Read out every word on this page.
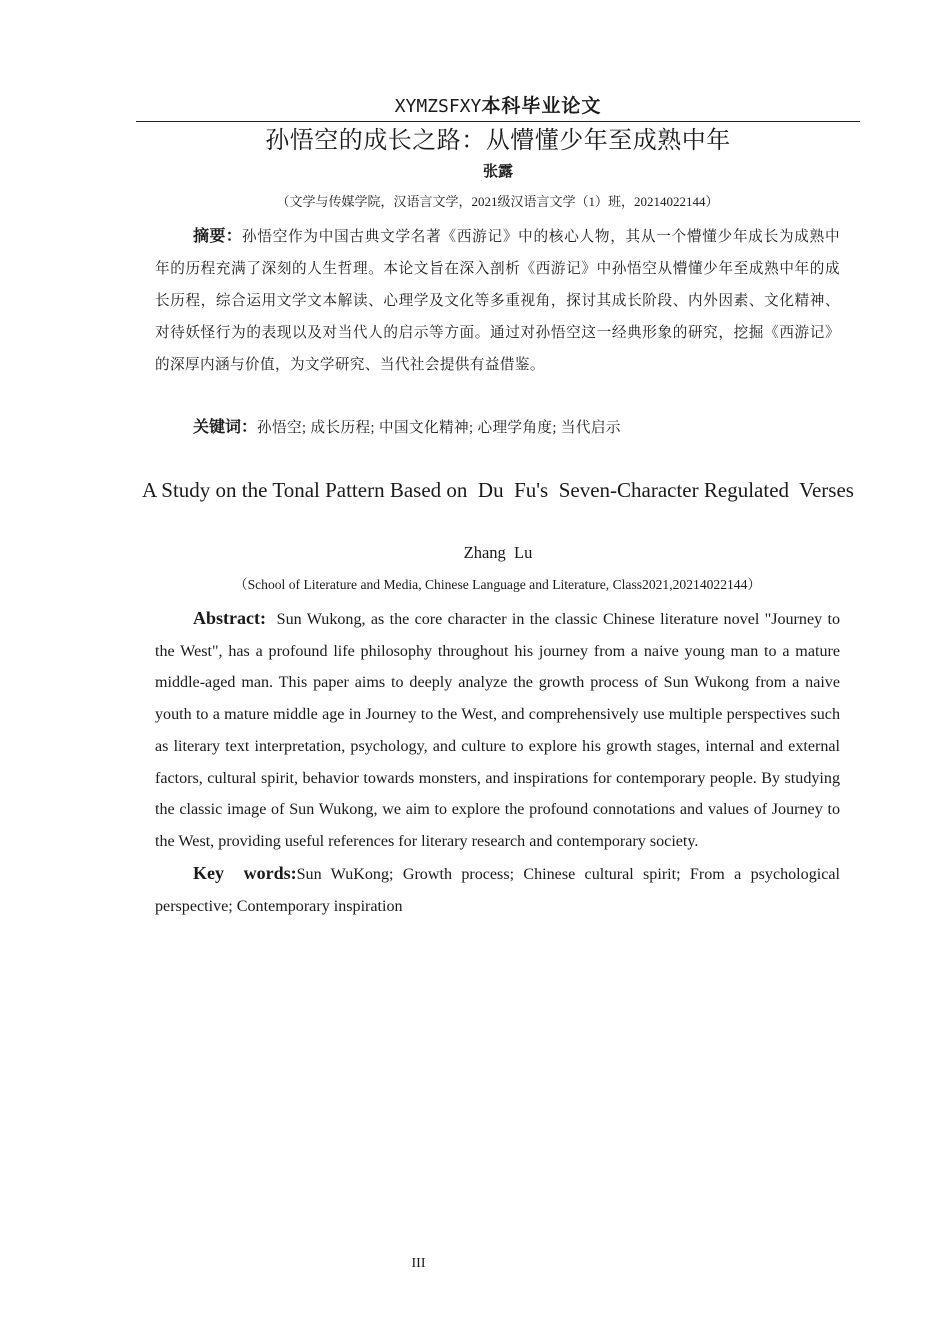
XYMZSFXY本科毕业论文
孙悟空的成长之路：从懵懂少年至成熟中年
张露
（文学与传媒学院，汉语言文学，2021级汉语言文学（1）班，20214022144）
摘要：孙悟空作为中国古典文学名著《西游记》中的核心人物，其从一个懵懂少年成长为成熟中年的历程充满了深刻的人生哲理。本论文旨在深入剖析《西游记》中孙悟空从懵懂少年至成熟中年的成长历程，综合运用文学文本解读、心理学及文化等多重视角，探讨其成长阶段、内外因素、文化精神、对待妖怪行为的表现以及对当代人的启示等方面。通过对孙悟空这一经典形象的研究，挖掘《西游记》的深厚内涵与价值，为文学研究、当代社会提供有益借鉴。
关键词：孙悟空; 成长历程; 中国文化精神; 心理学角度; 当代启示
A Study on the Tonal Pattern Based on  Du  Fu's  Seven-Character Regulated  Verses
Zhang  Lu
（School of Literature and Media, Chinese Language and Literature, Class2021,20214022144）
Abstract: Sun Wukong, as the core character in the classic Chinese literature novel "Journey to the West", has a profound life philosophy throughout his journey from a naive young man to a mature middle-aged man. This paper aims to deeply analyze the growth process of Sun Wukong from a naive youth to a mature middle age in Journey to the West, and comprehensively use multiple perspectives such as literary text interpretation, psychology, and culture to explore his growth stages, internal and external factors, cultural spirit, behavior towards monsters, and inspirations for contemporary people. By studying the classic image of Sun Wukong, we aim to explore the profound connotations and values of Journey to the West, providing useful references for literary research and contemporary society.
Key  words:Sun WuKong; Growth process; Chinese cultural spirit; From a psychological perspective; Contemporary inspiration
III
